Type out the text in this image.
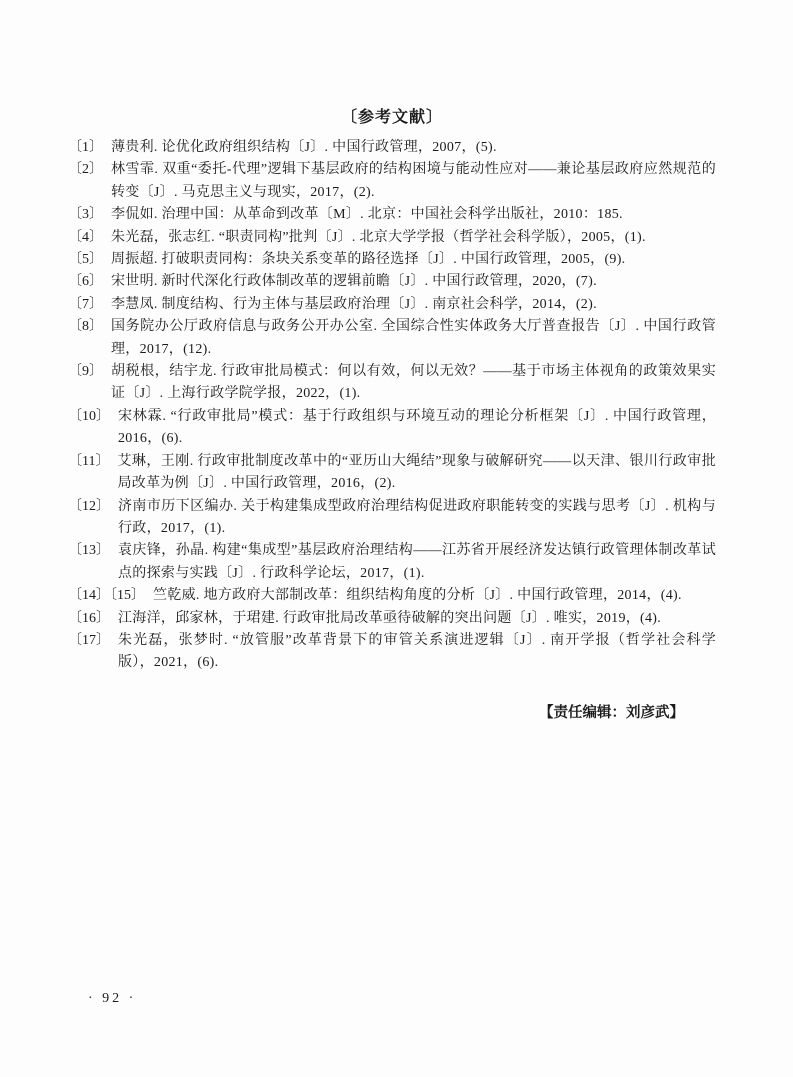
〔参考文献〕
〔1〕 薄贵利. 论优化政府组织结构〔J〕. 中国行政管理，2007，(5).
〔2〕 林雪霏. 双重“委托-代理”逻辑下基层政府的结构困境与能动性应对——兼论基层政府应然规范的转变〔J〕. 马克思主义与现实，2017，(2).
〔3〕 李侃如. 治理中国：从革命到改革〔M〕. 北京：中国社会科学出版社，2010：185.
〔4〕 朱光磊，张志红. “职责同构”批判〔J〕. 北京大学学报（哲学社会科学版），2005，(1).
〔5〕 周振超. 打破职责同构：条块关系变革的路径选择〔J〕. 中国行政管理，2005，(9).
〔6〕 宋世明. 新时代深化行政体制改革的逻辑前瞻〔J〕. 中国行政管理，2020，(7).
〔7〕 李慧凤. 制度结构、行为主体与基层政府治理〔J〕. 南京社会科学，2014，(2).
〔8〕 国务院办公厅政府信息与政务公开办公室. 全国综合性实体政务大厅普查报告〔J〕. 中国行政管理，2017，(12).
〔9〕 胡税根，结宇龙. 行政审批局模式：何以有效，何以无效？——基于市场主体视角的政策效果实证〔J〕. 上海行政学院学报，2022，(1).
〔10〕 宋林霖. “行政审批局”模式：基于行政组织与环境互动的理论分析框架〔J〕. 中国行政管理，2016，(6).
〔11〕 艾琳，王刚. 行政审批制度改革中的“亚历山大绳结”现象与破解研究——以天津、银川行政审批局改革为例〔J〕. 中国行政管理，2016，(2).
〔12〕 济南市历下区编办. 关于构建集成型政府治理结构促进政府职能转变的实践与思考〔J〕. 机构与行政，2017，(1).
〔13〕 袁庆锋，孙晶. 构建“集成型”基层政府治理结构——江苏省开展经济发达镇行政管理体制改革试点的探索与实践〔J〕. 行政科学论坛，2017，(1).
〔14〕〔15〕 竺乾威. 地方政府大部制改革：组织结构角度的分析〔J〕. 中国行政管理，2014，(4).
〔16〕 江海洋，邱家林，于珺建. 行政审批局改革亟待破解的突出问题〔J〕. 唯实，2019，(4).
〔17〕 朱光磊，张梦时. “放管服”改革背景下的审管关系演进逻辑〔J〕. 南开学报（哲学社会科学版），2021，(6).
【责任编辑：刘彦武】
· 92 ·
